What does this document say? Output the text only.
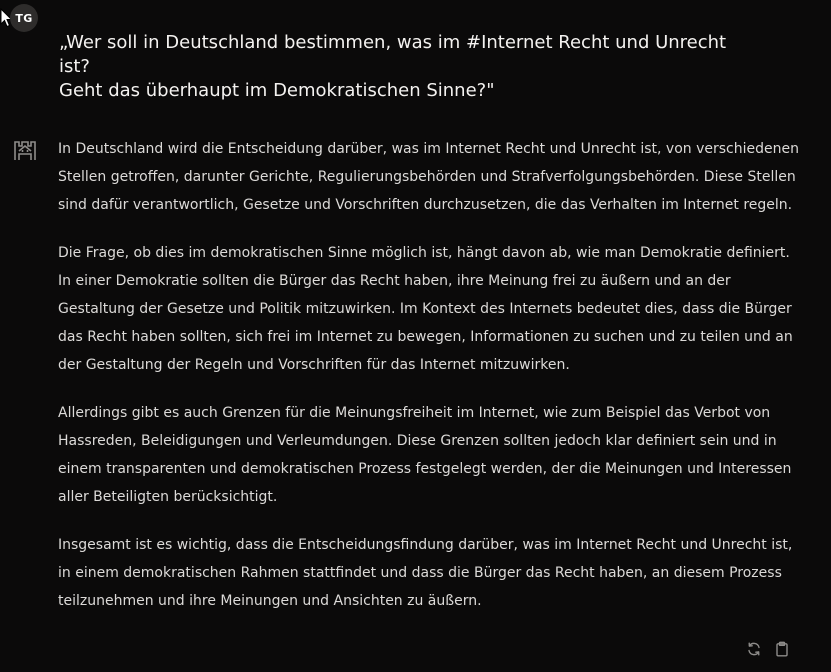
TG
„Wer soll in Deutschland bestimmen, was im #Internet Recht und Unrecht
ist?
Geht das überhaupt im Demokratischen Sinne?"

In Deutschland wird die Entscheidung darüber, was im Internet Recht und Unrecht ist, von verschiedenen Stellen getroffen, darunter Gerichte, Regulierungsbehörden und Strafverfolgungsbehörden. Diese Stellen sind dafür verantwortlich, Gesetze und Vorschriften durchzusetzen, die das Verhalten im Internet regeln.

Die Frage, ob dies im demokratischen Sinne möglich ist, hängt davon ab, wie man Demokratie definiert. In einer Demokratie sollten die Bürger das Recht haben, ihre Meinung frei zu äußern und an der Gestaltung der Gesetze und Politik mitzuwirken. Im Kontext des Internets bedeutet dies, dass die Bürger das Recht haben sollten, sich frei im Internet zu bewegen, Informationen zu suchen und zu teilen und an der Gestaltung der Regeln und Vorschriften für das Internet mitzuwirken.

Allerdings gibt es auch Grenzen für die Meinungsfreiheit im Internet, wie zum Beispiel das Verbot von Hassreden, Beleidigungen und Verleumdungen. Diese Grenzen sollten jedoch klar definiert sein und in einem transparenten und demokratischen Prozess festgelegt werden, der die Meinungen und Interessen aller Beteiligten berücksichtigt.

Insgesamt ist es wichtig, dass die Entscheidungsfindung darüber, was im Internet Recht und Unrecht ist, in einem demokratischen Rahmen stattfindet und dass die Bürger das Recht haben, an diesem Prozess teilzunehmen und ihre Meinungen und Ansichten zu äußern.
